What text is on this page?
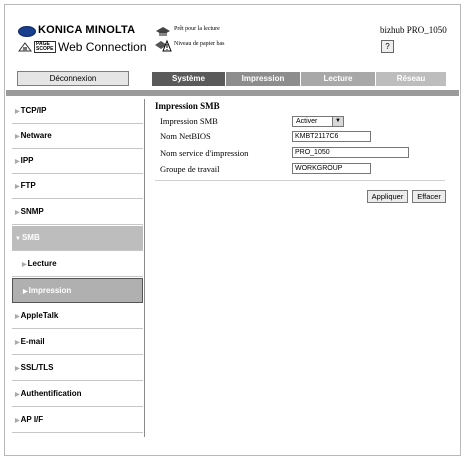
KONICA MINOLTA
PAGE
SCOPE Web Connection
Prêt pour la lecture
Niveau de papier bas
bizhub PRO_1050
?
Déconnexion	Système	Impression	Lecture	Réseau
▶TCP/IP
▶Netware
▶IPP
▶FTP
▶SNMP
▼SMB
▶Lecture
▶Impression
▶AppleTalk
▶E-mail
▶SSL/TLS
▶Authentification
▶AP I/F
Impression SMB
Impression SMB	Activer	▼
Nom NetBIOS	KMBT2117C6
Nom service d'impression	PRO_1050
Groupe de travail	WORKGROUP
Appliquer	Effacer
